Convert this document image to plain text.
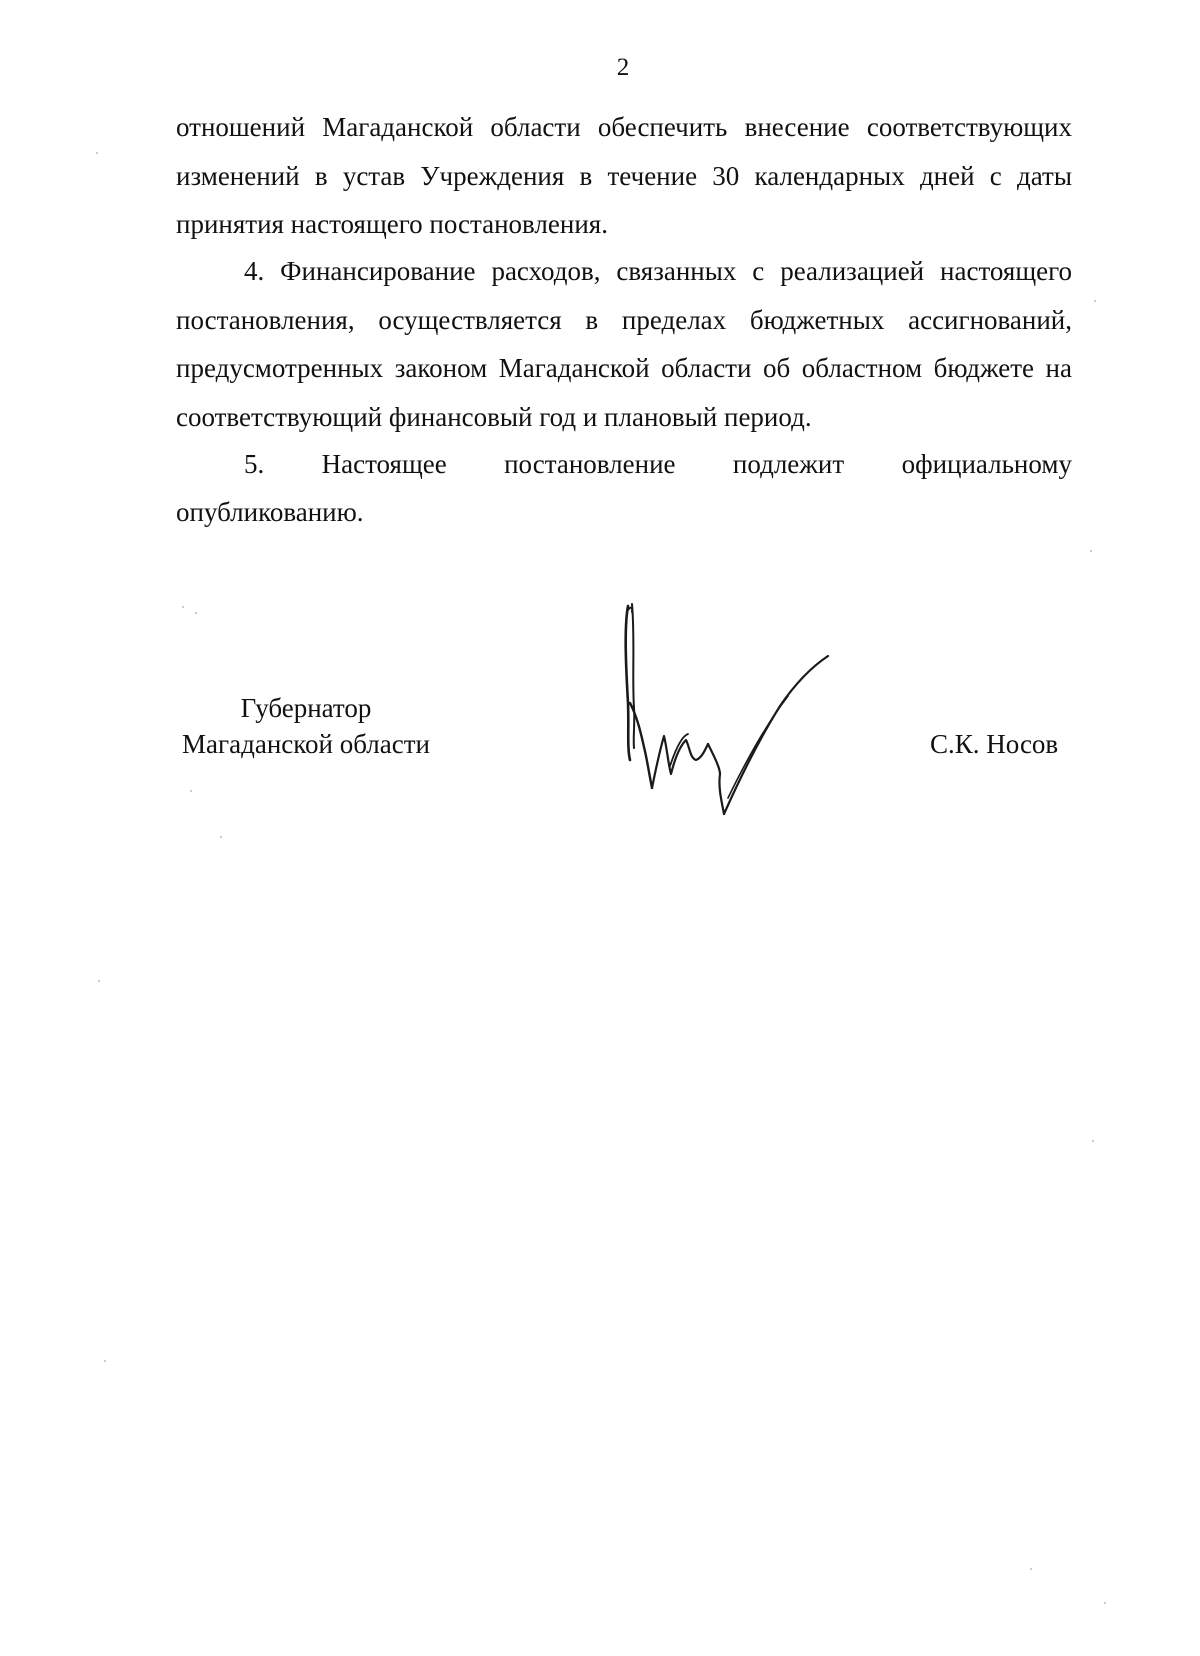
2
отношений Магаданской области обеспечить внесение соответствующих изменений в устав Учреждения в течение 30 календарных дней с даты принятия настоящего постановления.
4. Финансирование расходов, связанных с реализацией настоящего постановления, осуществляется в пределах бюджетных ассигнований, предусмотренных законом Магаданской области об областном бюджете на соответствующий финансовый год и плановый период.
5. Настоящее постановление подлежит официальному
опубликованию.
Губернатор
Магаданской области	С.К. Носов
